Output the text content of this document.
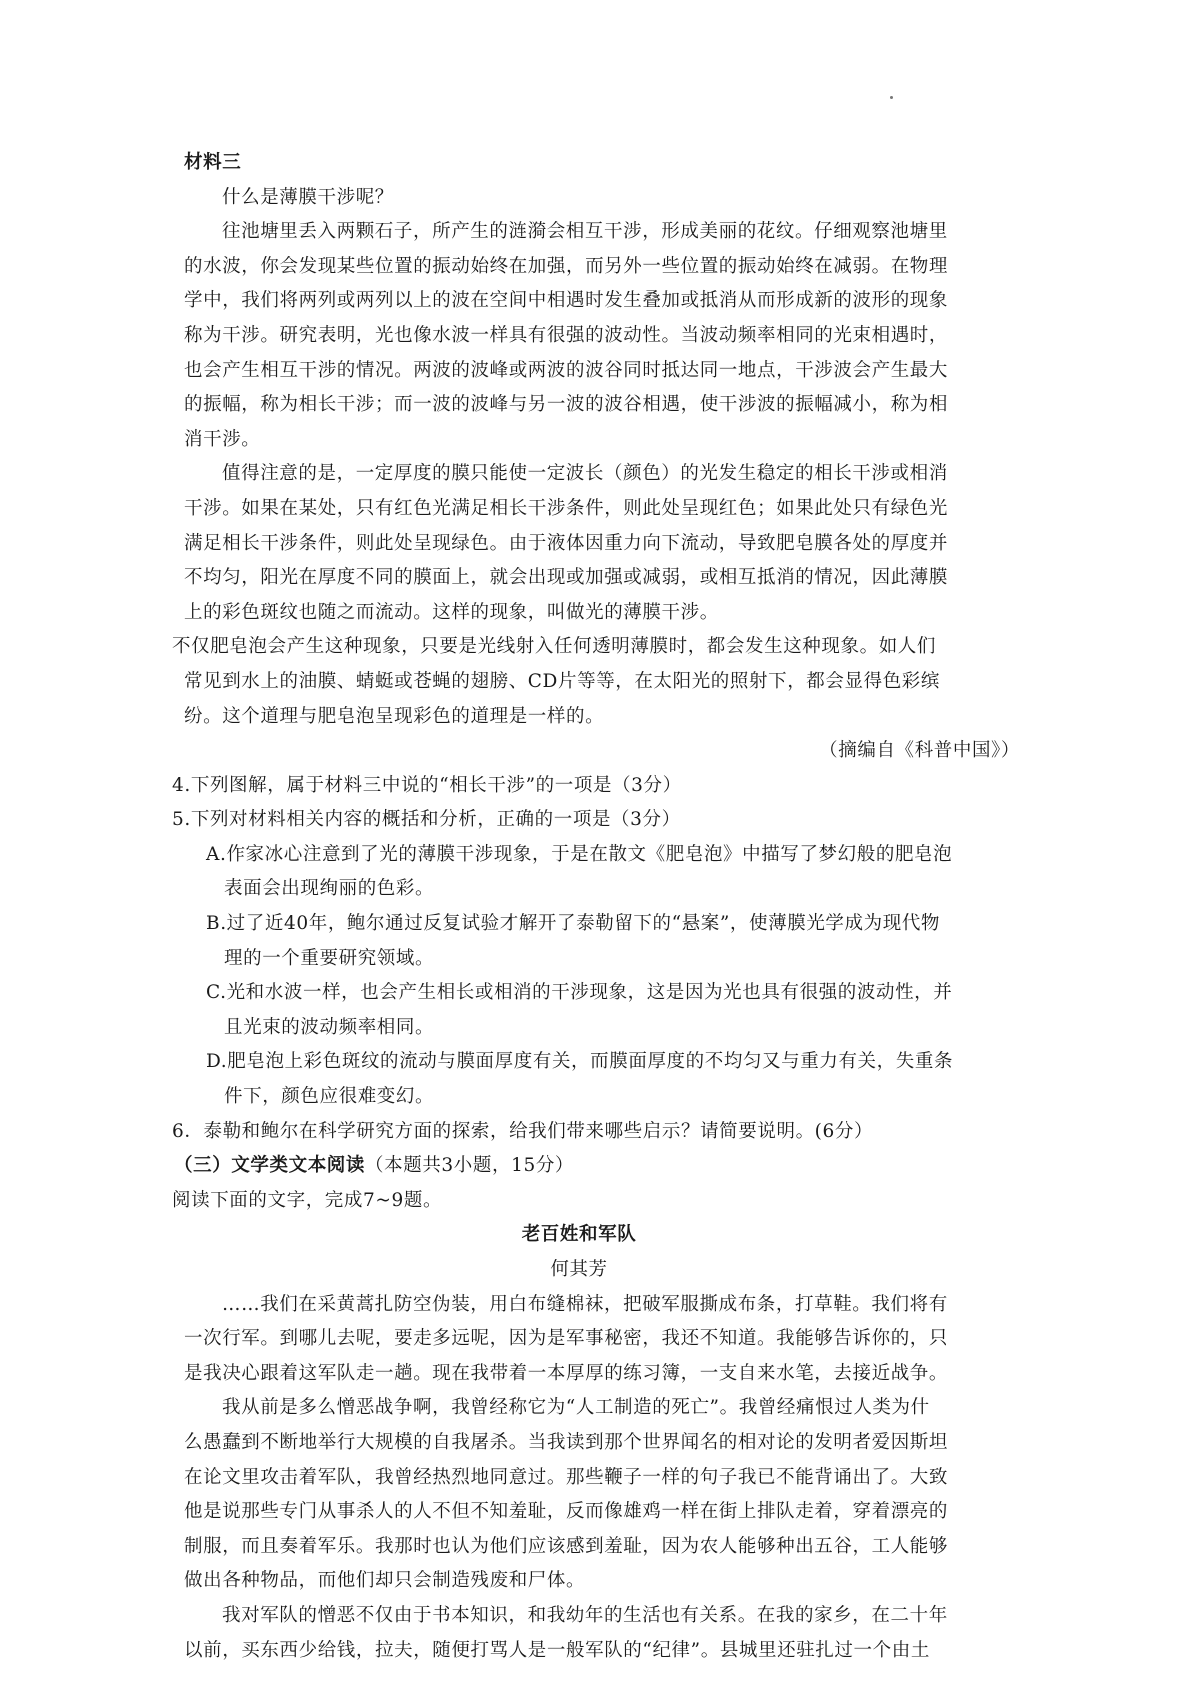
材料三
什么是薄膜干涉呢？
往池塘里丢入两颗石子，所产生的涟漪会相互干涉，形成美丽的花纹。仔细观察池塘里
的水波，你会发现某些位置的振动始终在加强，而另外一些位置的振动始终在减弱。在物理
学中，我们将两列或两列以上的波在空间中相遇时发生叠加或抵消从而形成新的波形的现象
称为干涉。研究表明，光也像水波一样具有很强的波动性。当波动频率相同的光束相遇时，
也会产生相互干涉的情况。两波的波峰或两波的波谷同时抵达同一地点，干涉波会产生最大
的振幅，称为相长干涉；而一波的波峰与另一波的波谷相遇，使干涉波的振幅减小，称为相
消干涉。
值得注意的是，一定厚度的膜只能使一定波长（颜色）的光发生稳定的相长干涉或相消
干涉。如果在某处，只有红色光满足相长干涉条件，则此处呈现红色；如果此处只有绿色光
满足相长干涉条件，则此处呈现绿色。由于液体因重力向下流动，导致肥皂膜各处的厚度并
不均匀，阳光在厚度不同的膜面上，就会出现或加强或减弱，或相互抵消的情况，因此薄膜
上的彩色斑纹也随之而流动。这样的现象，叫做光的薄膜干涉。
不仅肥皂泡会产生这种现象，只要是光线射入任何透明薄膜时，都会发生这种现象。如人们
常见到水上的油膜、蜻蜓或苍蝇的翅膀、CD片等等，在太阳光的照射下，都会显得色彩缤
纷。这个道理与肥皂泡呈现彩色的道理是一样的。
（摘编自《科普中国》）
4.下列图解，属于材料三中说的“相长干涉”的一项是（3分）
5.下列对材料相关内容的概括和分析，正确的一项是（3分）
A.作家冰心注意到了光的薄膜干涉现象，于是在散文《肥皂泡》中描写了梦幻般的肥皂泡
表面会出现绚丽的色彩。
B.过了近40年，鲍尔通过反复试验才解开了泰勒留下的“悬案”，使薄膜光学成为现代物
理的一个重要研究领域。
C.光和水波一样，也会产生相长或相消的干涉现象，这是因为光也具有很强的波动性，并
且光束的波动频率相同。
D.肥皂泡上彩色斑纹的流动与膜面厚度有关，而膜面厚度的不均匀又与重力有关，失重条
件下，颜色应很难变幻。
6．泰勒和鲍尔在科学研究方面的探索，给我们带来哪些启示？请简要说明。(6分）
（三）文学类文本阅读 （本题共3小题，15分）
阅读下面的文字，完成7~9题。
老百姓和军队
何其芳
……我们在采黄蒿扎防空伪装，用白布缝棉袜，把破军服撕成布条，打草鞋。我们将有
一次行军。到哪儿去呢，要走多远呢，因为是军事秘密，我还不知道。我能够告诉你的，只
是我决心跟着这军队走一趟。现在我带着一本厚厚的练习簿，一支自来水笔，去接近战争。
我从前是多么憎恶战争啊，我曾经称它为“人工制造的死亡”。我曾经痛恨过人类为什
么愚蠢到不断地举行大规模的自我屠杀。当我读到那个世界闻名的相对论的发明者爱因斯坦
在论文里攻击着军队，我曾经热烈地同意过。那些鞭子一样的句子我已不能背诵出了。大致
他是说那些专门从事杀人的人不但不知羞耻，反而像雄鸡一样在街上排队走着，穿着漂亮的
制服，而且奏着军乐。我那时也认为他们应该感到羞耻，因为农人能够种出五谷，工人能够
做出各种物品，而他们却只会制造残废和尸体。
我对军队的憎恶不仅由于书本知识，和我幼年的生活也有关系。在我的家乡，在二十年
以前，买东西少给钱，拉夫，随便打骂人是一般军队的“纪律”。县城里还驻扎过一个由土
